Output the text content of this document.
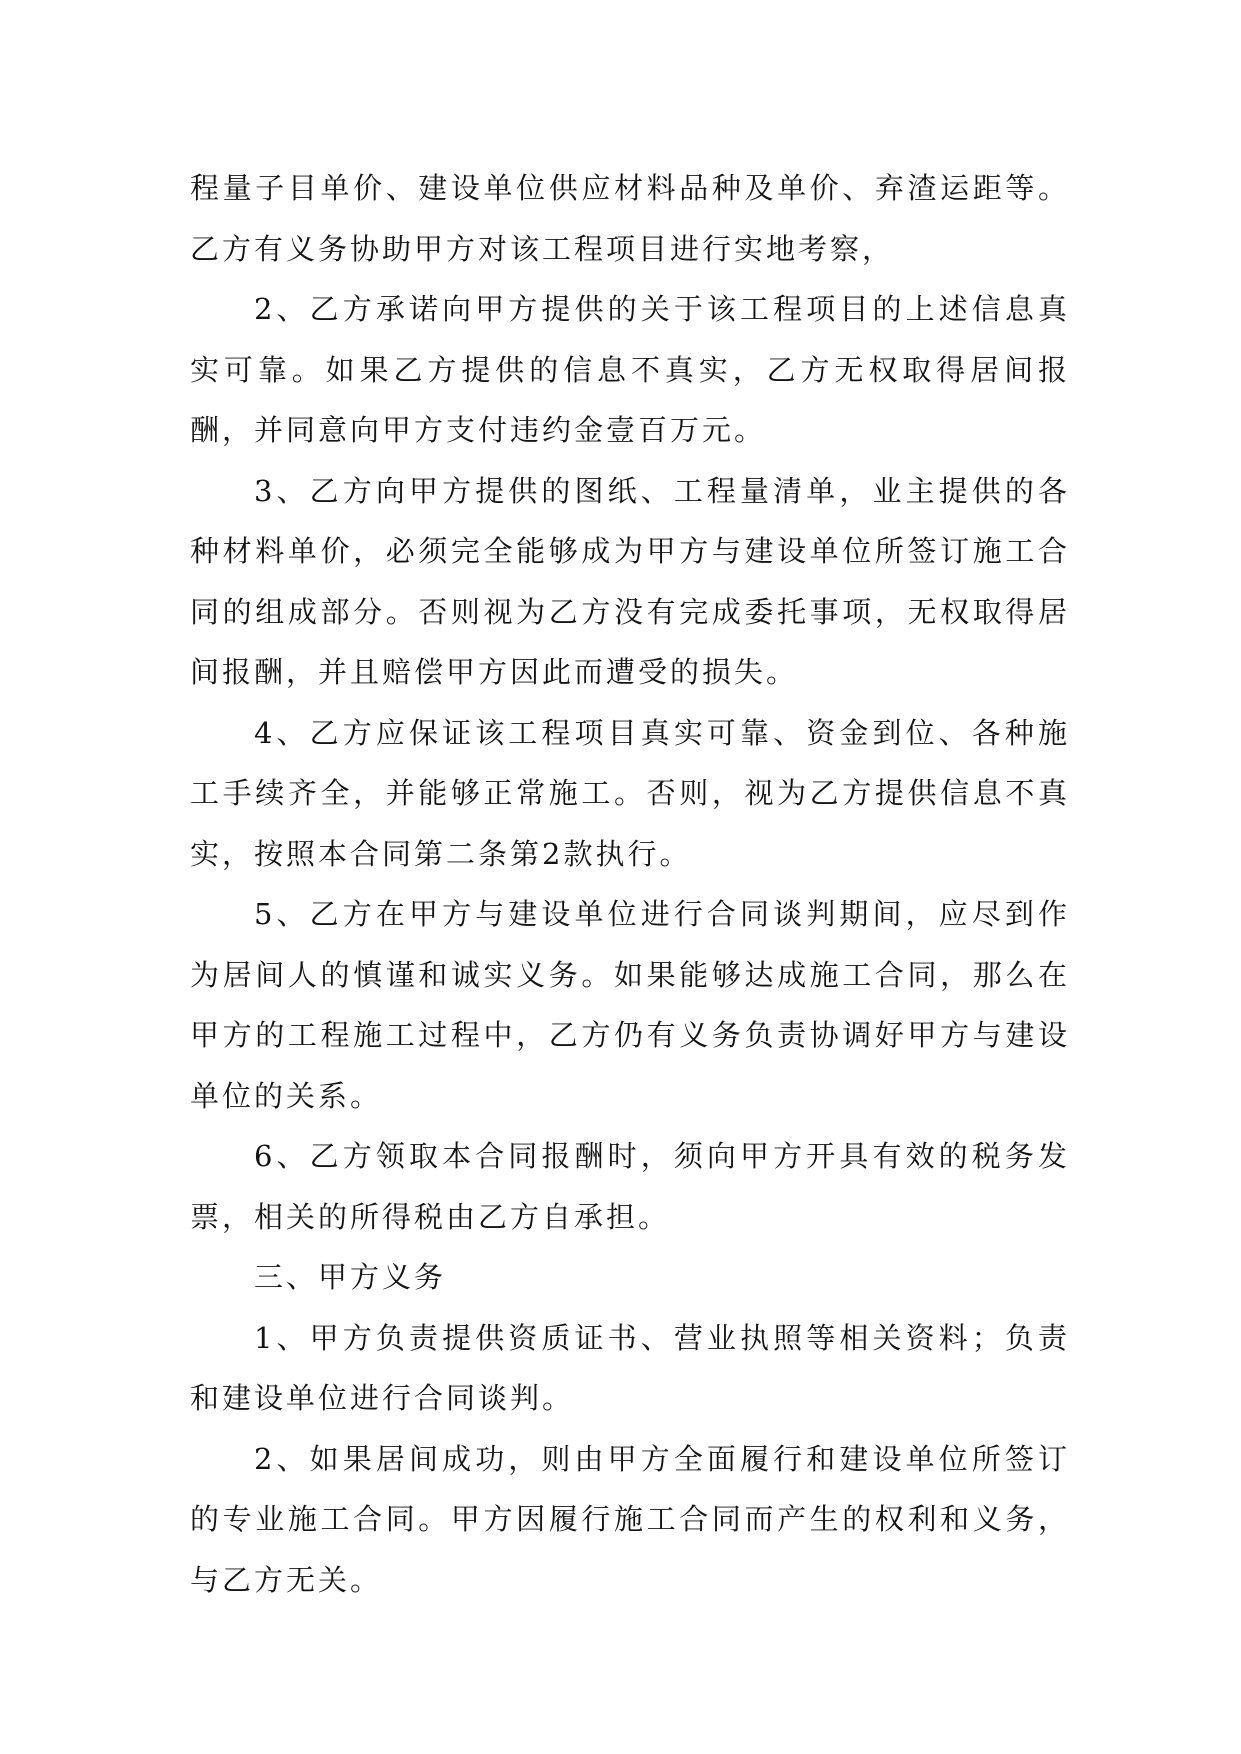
程量子目单价、建设单位供应材料品种及单价、弃渣运距等。乙方有义务协助甲方对该工程项目进行实地考察，

2、乙方承诺向甲方提供的关于该工程项目的上述信息真实可靠。如果乙方提供的信息不真实，乙方无权取得居间报酬，并同意向甲方支付违约金壹百万元。

3、乙方向甲方提供的图纸、工程量清单，业主提供的各种材料单价，必须完全能够成为甲方与建设单位所签订施工合同的组成部分。否则视为乙方没有完成委托事项，无权取得居间报酬，并且赔偿甲方因此而遭受的损失。

4、乙方应保证该工程项目真实可靠、资金到位、各种施工手续齐全，并能够正常施工。否则，视为乙方提供信息不真实，按照本合同第二条第2款执行。

5、乙方在甲方与建设单位进行合同谈判期间，应尽到作为居间人的慎谨和诚实义务。如果能够达成施工合同，那么在甲方的工程施工过程中，乙方仍有义务负责协调好甲方与建设单位的关系。

6、乙方领取本合同报酬时，须向甲方开具有效的税务发票，相关的所得税由乙方自承担。

三、甲方义务

1、甲方负责提供资质证书、营业执照等相关资料；负责和建设单位进行合同谈判。

2、如果居间成功，则由甲方全面履行和建设单位所签订的专业施工合同。甲方因履行施工合同而产生的权利和义务，与乙方无关。
